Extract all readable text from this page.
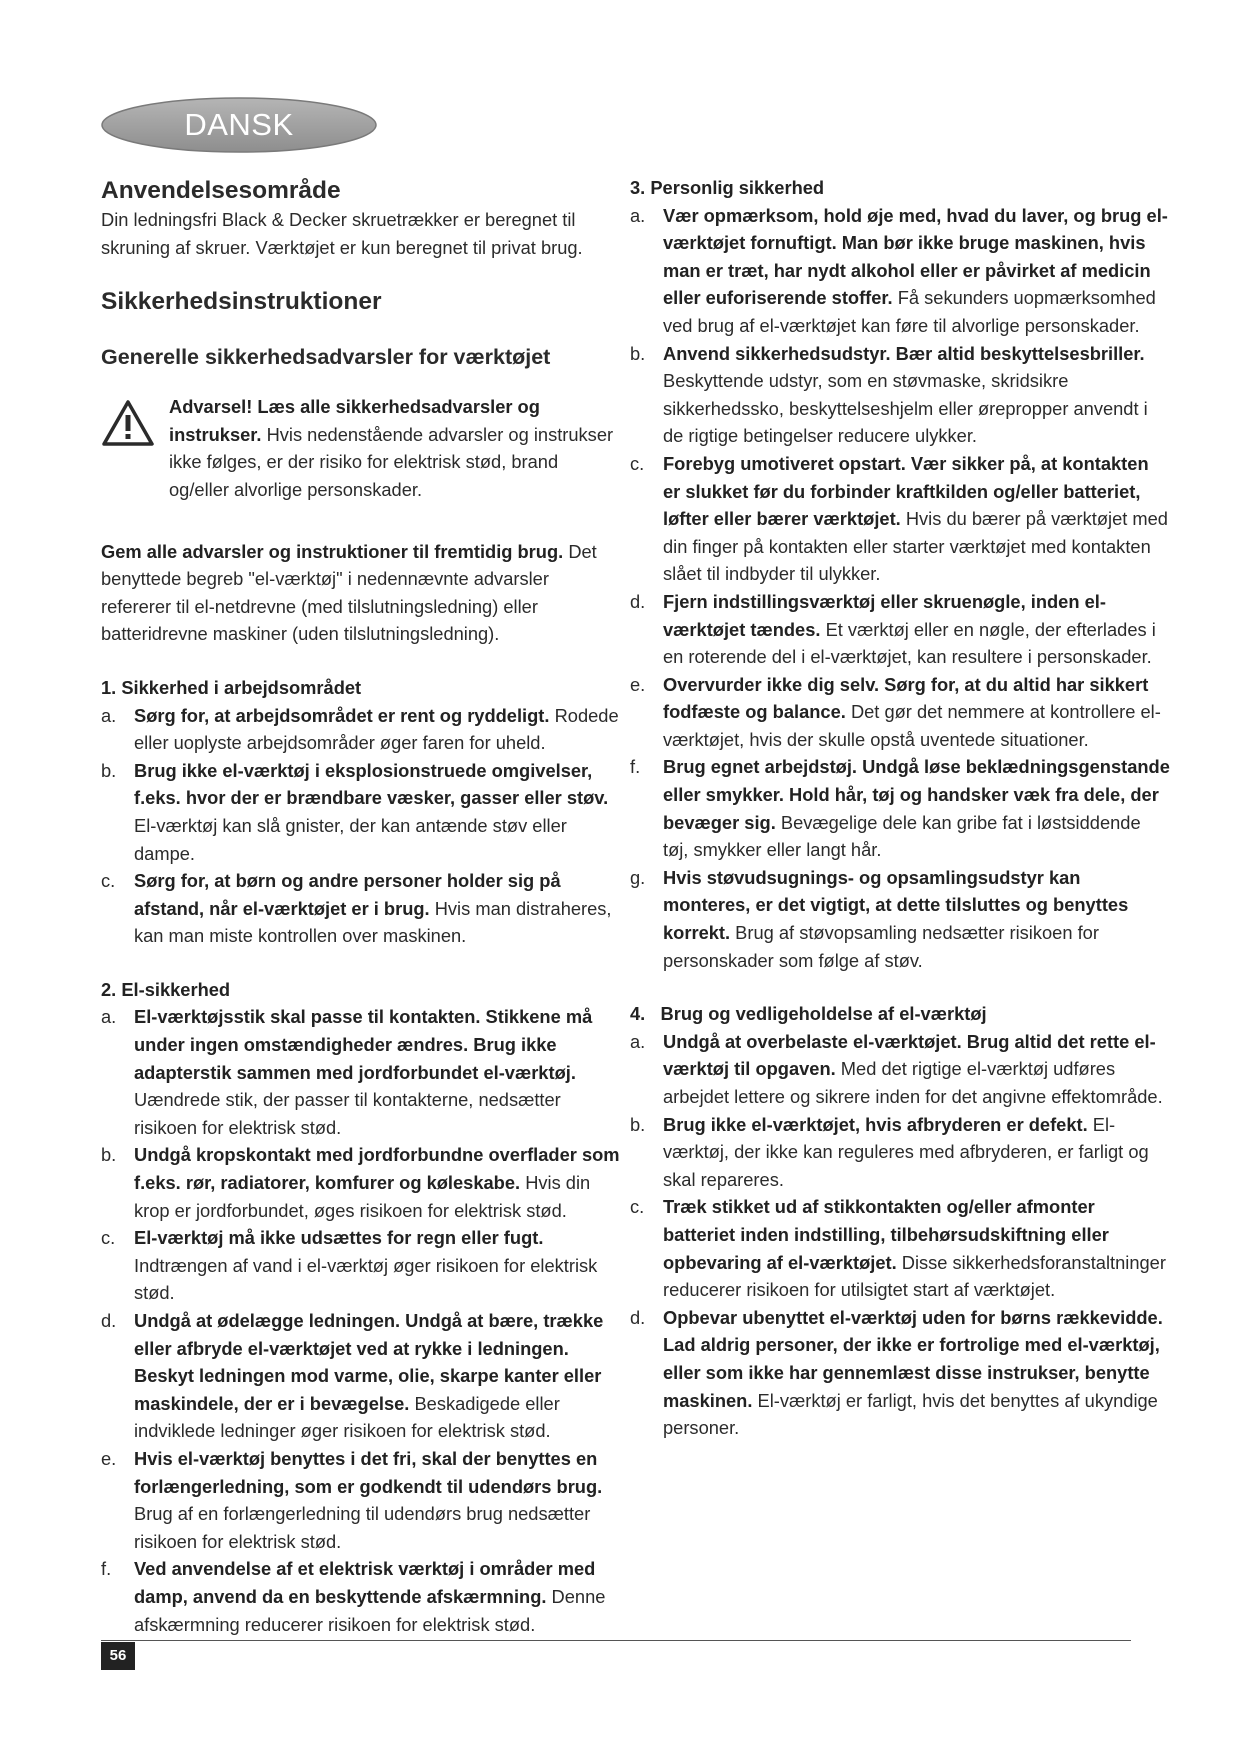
DANSK
Anvendelsesområde

Din ledningsfri Black & Decker skruetrækker er beregnet til skruning af skruer. Værktøjet er kun beregnet til privat brug.

Sikkerhedsinstruktioner
Generelle sikkerhedsadvarsler for værktøjet

Advarsel! Læs alle sikkerhedsadvarsler og instrukser. Hvis nedenstående advarsler og instrukser ikke følges, er der risiko for elektrisk stød, brand og/eller alvorlige personskader.

Gem alle advarsler og instruktioner til fremtidig brug. Det benyttede begreb "el-værktøj" i nedennævnte advarsler refererer til el-netdrevne (med tilslutningsledning) eller batteridrevne maskiner (uden tilslutningsledning).

1. Sikkerhed i arbejdsområdet
a. Sørg for, at arbejdsområdet er rent og ryddeligt. Rodede eller uoplyste arbejdsområder øger faren for uheld.
b. Brug ikke el-værktøj i eksplosionstruede omgivelser, f.eks. hvor der er brændbare væsker, gasser eller støv. El-værktøj kan slå gnister, der kan antænde støv eller dampe.
c. Sørg for, at børn og andre personer holder sig på afstand, når el-værktøjet er i brug. Hvis man distraheres, kan man miste kontrollen over maskinen.
2. El-sikkerhed
a. El-værktøjsstik skal passe til kontakten. Stikkene må under ingen omstændigheder ændres. Brug ikke adapterstik sammen med jordforbundet el-værktøj. Uændrede stik, der passer til kontakterne, nedsætter risikoen for elektrisk stød.
b. Undgå kropskontakt med jordforbundne overflader som f.eks. rør, radiatorer, komfurer og køleskabe. Hvis din krop er jordforbundet, øges risikoen for elektrisk stød.
c. El-værktøj må ikke udsættes for regn eller fugt. Indtrængen af vand i el-værktøj øger risikoen for elektrisk stød.
d. Undgå at ødelægge ledningen. Undgå at bære, trække eller afbryde el-værktøjet ved at rykke i ledningen. Beskyt ledningen mod varme, olie, skarpe kanter eller maskindele, der er i bevægelse. Beskadigede eller indviklede ledninger øger risikoen for elektrisk stød.
e. Hvis el-værktøj benyttes i det fri, skal der benyttes en forlængerledning, som er godkendt til udendørs brug. Brug af en forlængerledning til udendørs brug nedsætter risikoen for elektrisk stød.
f. Ved anvendelse af et elektrisk værktøj i områder med damp, anvend da en beskyttende afskærmning. Denne afskærmning reducerer risikoen for elektrisk stød.
3. Personlig sikkerhed
a. Vær opmærksom, hold øje med, hvad du laver, og brug el-værktøjet fornuftigt. Man bør ikke bruge maskinen, hvis man er træt, har nydt alkohol eller er påvirket af medicin eller euforiserende stoffer. Få sekunders uopmærksomhed ved brug af el-værktøjet kan føre til alvorlige personskader.
b. Anvend sikkerhedsudstyr. Bær altid beskyttelsesbriller. Beskyttende udstyr, som en støvmaske, skridsikre sikkerhedssko, beskyttelseshjelm eller ørepropper anvendt i de rigtige betingelser reducere ulykker.
c. Forebyg umotiveret opstart. Vær sikker på, at kontakten er slukket før du forbinder kraftkilden og/eller batteriet, løfter eller bærer værktøjet. Hvis du bærer på værktøjet med din finger på kontakten eller starter værktøjet med kontakten slået til indbyder til ulykker.
d. Fjern indstillingsværktøj eller skruenøgle, inden el-værktøjet tændes. Et værktøj eller en nøgle, der efterlades i en roterende del i el-værktøjet, kan resultere i personskader.
e. Overvurder ikke dig selv. Sørg for, at du altid har sikkert fodfæste og balance. Det gør det nemmere at kontrollere el-værktøjet, hvis der skulle opstå uventede situationer.
f. Brug egnet arbejdstøj. Undgå løse beklædningsgenstande eller smykker. Hold hår, tøj og handsker væk fra dele, der bevæger sig. Bevægelige dele kan gribe fat i løstsiddende tøj, smykker eller langt hår.
g. Hvis støvudsugnings- og opsamlingsudstyr kan monteres, er det vigtigt, at dette tilsluttes og benyttes korrekt. Brug af støvopsamling nedsætter risikoen for personskader som følge af støv.
4. Brug og vedligeholdelse af el-værktøj
a. Undgå at overbelaste el-værktøjet. Brug altid det rette el-værktøj til opgaven. Med det rigtige el-værktøj udføres arbejdet lettere og sikrere inden for det angivne effektområde.
b. Brug ikke el-værktøjet, hvis afbryderen er defekt. El-værktøj, der ikke kan reguleres med afbryderen, er farligt og skal repareres.
c. Træk stikket ud af stikkontakten og/eller afmonter batteriet inden indstilling, tilbehørsudskiftning eller opbevaring af el-værktøjet. Disse sikkerhedsforanstaltninger reducerer risikoen for utilsigtet start af værktøjet.
d. Opbevar ubenyttet el-værktøj uden for børns rækkevidde. Lad aldrig personer, der ikke er fortrolige med el-værktøj, eller som ikke har gennemlæst disse instrukser, benytte maskinen. El-værktøj er farligt, hvis det benyttes af ukyndige personer.
56
